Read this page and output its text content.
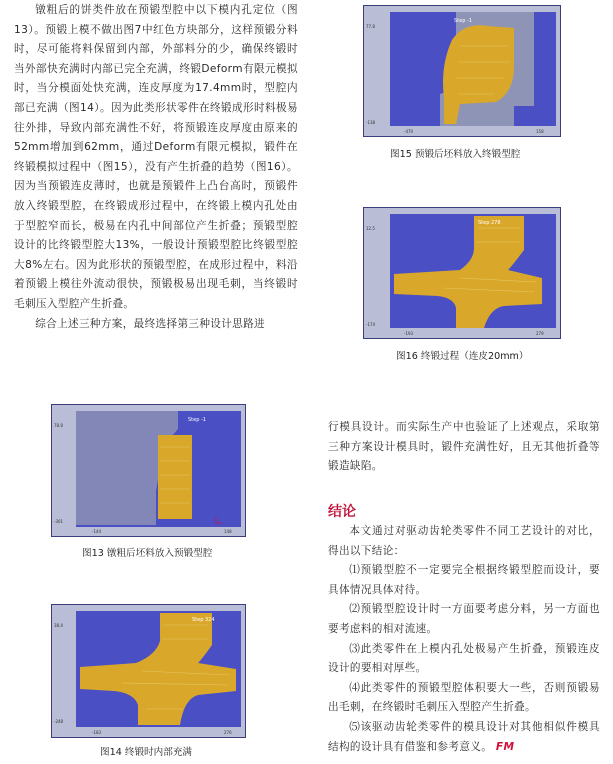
镦粗后的饼类件放在预锻型腔中以下模内孔定位（图13）。预锻上模不做出图7中红色方块部分，这样预锻分料时，尽可能将料保留到内部，外部料分的少，确保终锻时当外部快充满时内部已完全充满，终锻Deform有限元模拟时，当分模面处快充满，连皮厚度为17.4mm时，型腔内部已充满（图14）。因为此类形状零件在终锻成形时料极易往外排，导致内部充满性不好，将预锻连皮厚度由原来的52mm增加到62mm，通过Deform有限元模拟，锻件在终锻模拟过程中（图15），没有产生折叠的趋势（图16）。因为当预锻连皮薄时，也就是预锻件上凸台高时，预锻件放入终锻型腔，在终锻成形过程中，在终锻上模内孔处由于型腔窄而长，极易在内孔中间部位产生折叠；预锻型腔设计的比终锻型腔大13%，一般设计预锻型腔比终锻型腔大8%左右。因为此形状的预锻型腔，在成形过程中，料沿着预锻上模往外流动很快，预锻极易出现毛刺，当终锻时毛刺压入型腔产生折叠。

综合上述三种方案，最终选择第三种设计思路进

Step -1
77.8
-138
-470	158
图15 预锻后坯料放入终锻型腔
Step 278
12.5
-174
-193	279
图16 终锻过程（连皮20mm）
Step -1
78.8
-301
-144	148
图13 镦粗后坯料放入预锻型腔
Step 324
38.4
-248
-183	276
图14 终锻时内部充满

行模具设计。而实际生产中也验证了上述观点，采取第三种方案设计模具时，锻件充满性好，且无其他折叠等锻造缺陷。

结论

本文通过对驱动齿轮类零件不同工艺设计的对比，得出以下结论：

⑴预锻型腔不一定要完全根据终锻型腔而设计，要具体情况具体对待。

⑵预锻型腔设计时一方面要考虑分料，另一方面也要考虑料的相对流速。

⑶此类零件在上模内孔处极易产生折叠，预锻连皮设计的要相对厚些。

⑷此类零件的预锻型腔体积要大一些，否则预锻易出毛刺，在终锻时毛刺压入型腔产生折叠。

⑸该驱动齿轮类零件的模具设计对其他相似件模具结构的设计具有借鉴和参考意义。 FM
